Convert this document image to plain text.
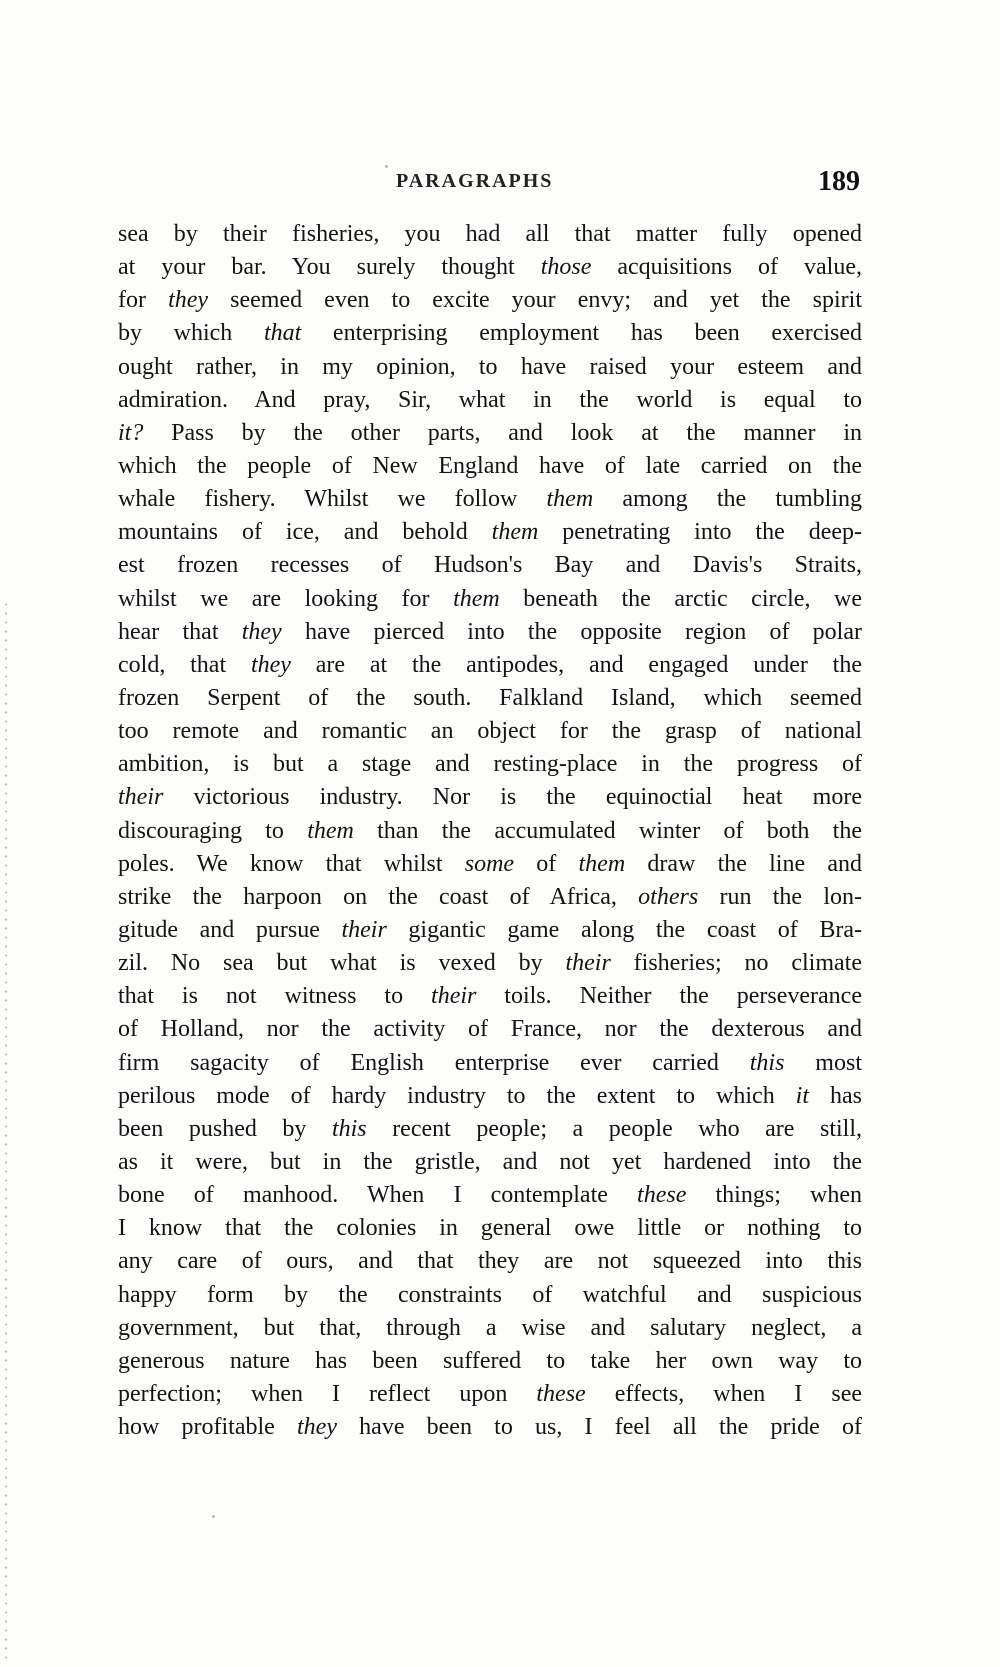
PARAGRAPHS	189
sea by their fisheries, you had all that matter fully opened
at your bar. You surely thought those acquisitions of value,
for they seemed even to excite your envy; and yet the spirit
by which that enterprising employment has been exercised
ought rather, in my opinion, to have raised your esteem and
admiration. And pray, Sir, what in the world is equal to
it? Pass by the other parts, and look at the manner in
which the people of New England have of late carried on the
whale fishery. Whilst we follow them among the tumbling
mountains of ice, and behold them penetrating into the deep-
est frozen recesses of Hudson's Bay and Davis's Straits,
whilst we are looking for them beneath the arctic circle, we
hear that they have pierced into the opposite region of polar
cold, that they are at the antipodes, and engaged under the
frozen Serpent of the south. Falkland Island, which seemed
too remote and romantic an object for the grasp of national
ambition, is but a stage and resting-place in the progress of
their victorious industry. Nor is the equinoctial heat more
discouraging to them than the accumulated winter of both the
poles. We know that whilst some of them draw the line and
strike the harpoon on the coast of Africa, others run the lon-
gitude and pursue their gigantic game along the coast of Bra-
zil. No sea but what is vexed by their fisheries; no climate
that is not witness to their toils. Neither the perseverance
of Holland, nor the activity of France, nor the dexterous and
firm sagacity of English enterprise ever carried this most
perilous mode of hardy industry to the extent to which it has
been pushed by this recent people; a people who are still,
as it were, but in the gristle, and not yet hardened into the
bone of manhood. When I contemplate these things; when
I know that the colonies in general owe little or nothing to
any care of ours, and that they are not squeezed into this
happy form by the constraints of watchful and suspicious
government, but that, through a wise and salutary neglect, a
generous nature has been suffered to take her own way to
perfection; when I reflect upon these effects, when I see
how profitable they have been to us, I feel all the pride of
